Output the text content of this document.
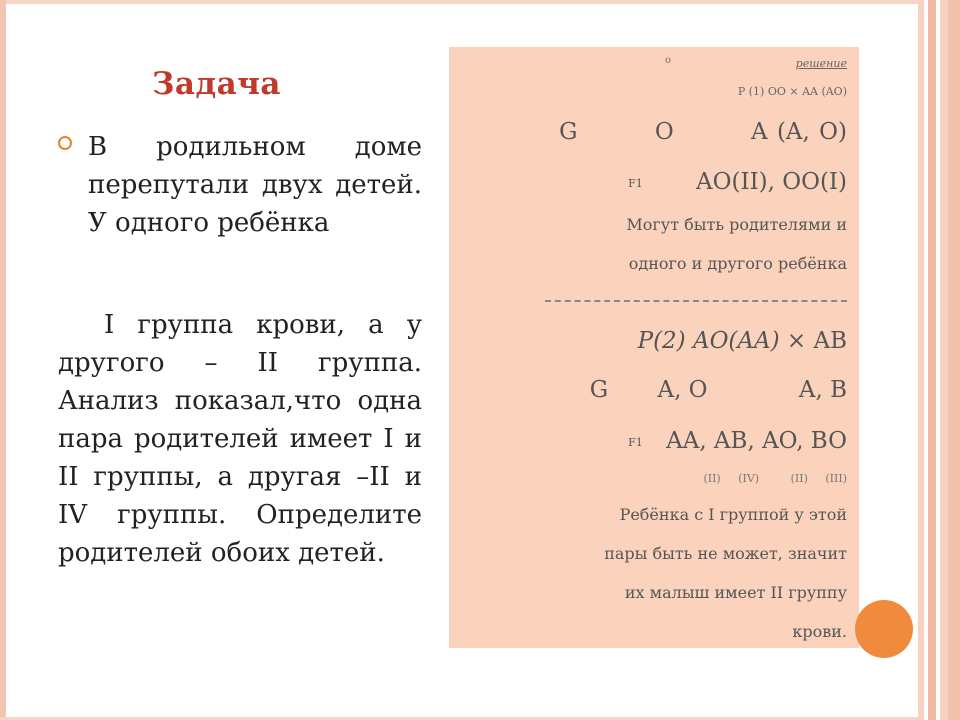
Задача

В родильном доме перепутали двух детей. У одного ребёнка

I группа крови, а у другого – II группа. Анализ показал,что одна пара родителей имеет I и II группы, а другая –II и IV группы. Определите родителей обоих детей.

o	решение
P (1) OO × AA (AO)
G	O	A (A, O)
F1 AO(II), OO(I)
Могут быть родителями и
одного и другого ребёнка
P(2) AO(AA) × AB
G A, O	A, B
F1 AA, AB, AO, BO
(II) (IV)	(II) (III)
Ребёнка с I группой у этой
пары быть не может, значит
их малыш имеет II группу
крови.
